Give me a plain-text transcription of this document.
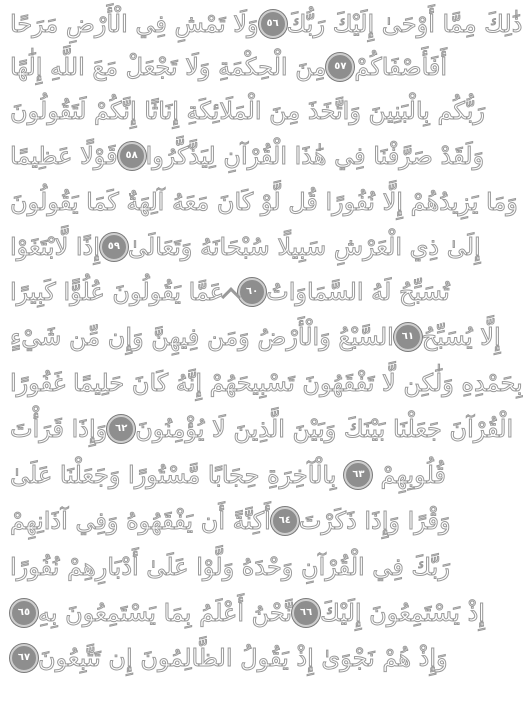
وَلَا تَمْشِ فِي الْأَرْضِ مَرَحًا ٥٦ ذَٰلِكَ مِمَّا أَوْحَىٰ إِلَيْكَ رَبُّكَ
مِنَ الْحِكْمَةِ وَلَا تَجْعَلْ مَعَ اللَّهِ إِلَٰهًا ٥٧ أَفَأَصْفَاكُمْ
رَبُّكُم بِالْبَنِينَ وَاتَّخَذَ مِنَ الْمَلَائِكَةِ إِنَاثًا إِنَّكُمْ لَتَقُولُونَ
قَوْلًا عَظِيمًا ٥٨ وَلَقَدْ صَرَّفْنَا فِي هَٰذَا الْقُرْآنِ لِيَذَّكَّرُوا
وَمَا يَزِيدُهُمْ إِلَّا نُفُورًا قُل لَّوْ كَانَ مَعَهُ آلِهَةٌ كَمَا يَقُولُونَ
إِذًا لَّابْتَغَوْا ٥٩ إِلَىٰ ذِي الْعَرْشِ سَبِيلًا سُبْحَانَهُ وَتَعَالَىٰ
عَمَّا يَقُولُونَ عُلُوًّا كَبِيرًا	٦٠ تُسَبِّحُ لَهُ السَّمَاوَاتُ
السَّبْعُ وَالْأَرْضُ وَمَن فِيهِنَّ وَإِن مِّن شَيْءٍ ٦١ إِلَّا يُسَبِّحُ
بِحَمْدِهِ وَلَٰكِن لَّا تَفْقَهُونَ تَسْبِيحَهُمْ إِنَّهُ كَانَ حَلِيمًا غَفُورًا
وَإِذَا قَرَأْتَ ٦٢ الْقُرْآنَ جَعَلْنَا بَيْنَكَ وَبَيْنَ الَّذِينَ لَا يُؤْمِنُونَ
بِالْآخِرَةِ حِجَابًا مَّسْتُورًا وَجَعَلْنَا عَلَىٰ	٦٣ قُلُوبِهِمْ
أَكِنَّةً أَن يَفْقَهُوهُ وَفِي آذَانِهِمْ ٦٤ وَقْرًا وَإِذَا ذَكَرْتَ
رَبَّكَ فِي الْقُرْآنِ وَحْدَهُ وَلَّوْا عَلَىٰ أَدْبَارِهِمْ نُفُورًا
٦٥ نَّحْنُ أَعْلَمُ بِمَا يَسْتَمِعُونَ بِهِ ٦٦ إِذْ يَسْتَمِعُونَ إِلَيْكَ
٦٧ وَإِذْ هُمْ نَجْوَىٰ إِذْ يَقُولُ الظَّالِمُونَ إِن تَتَّبِعُونَ
